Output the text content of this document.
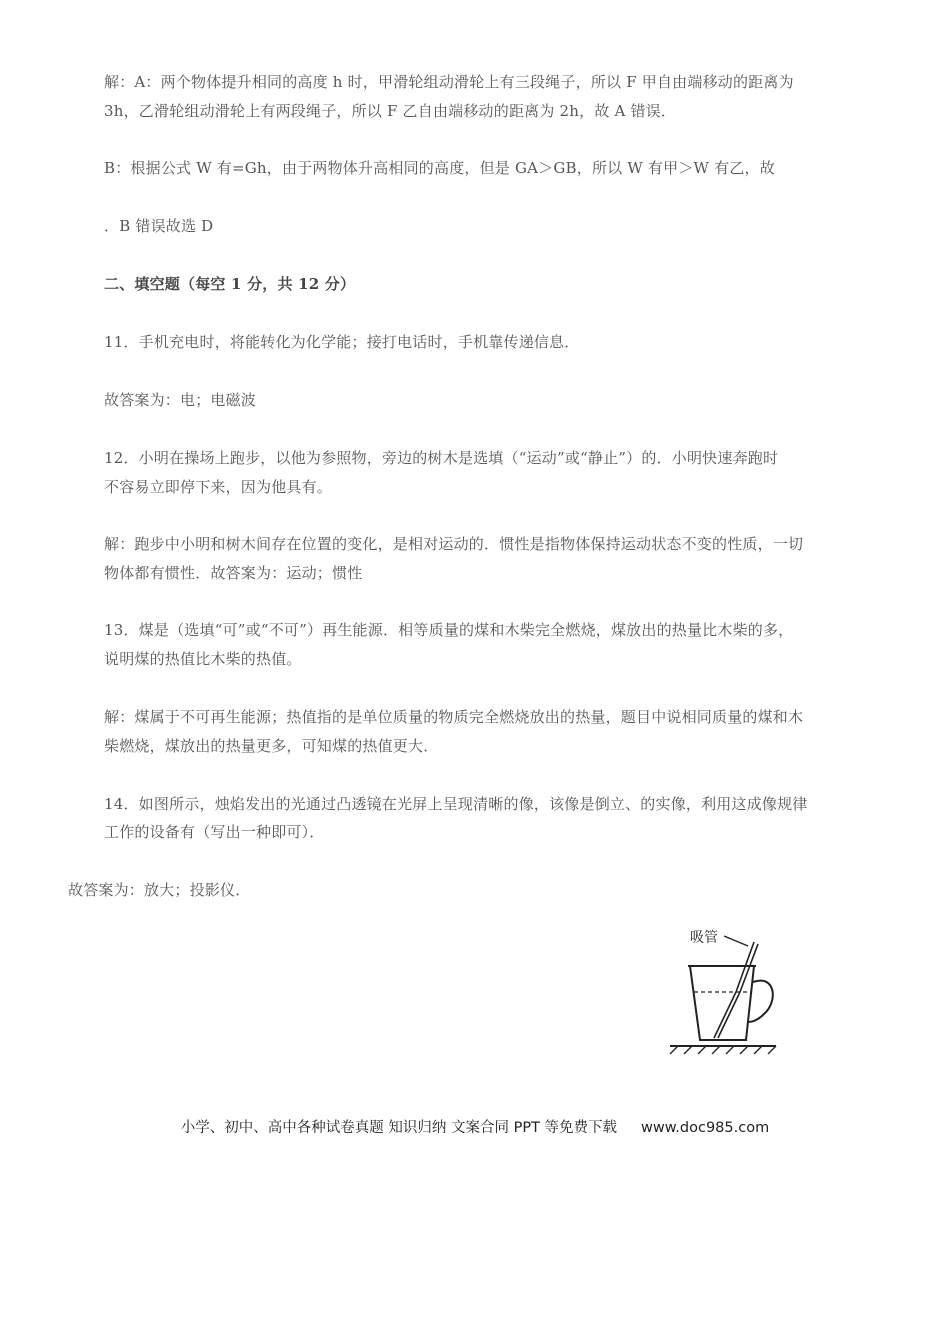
解：A：两个物体提升相同的高度 h 时，甲滑轮组动滑轮上有三段绳子，所以 F 甲自由端移动的距离为
3h，乙滑轮组动滑轮上有两段绳子，所以 F 乙自由端移动的距离为 2h，故 A 错误．
B：根据公式 W 有=Gh，由于两物体升高相同的高度，但是 GA＞GB，所以 W 有甲＞W 有乙，故
．B 错误故选 D
二、填空题（每空 1 分，共 12 分）
11．手机充电时，将能转化为化学能；接打电话时，手机靠传递信息．
故答案为：电；电磁波
12．小明在操场上跑步，以他为参照物，旁边的树木是选填（“运动”或“静止”）的．小明快速奔跑时
不容易立即停下来，因为他具有。
解：跑步中小明和树木间存在位置的变化，是相对运动的．惯性是指物体保持运动状态不变的性质，一切
物体都有惯性．故答案为：运动；惯性
13．煤是（选填“可”或“不可”）再生能源．相等质量的煤和木柴完全燃烧，煤放出的热量比木柴的多，
说明煤的热值比木柴的热值。
解：煤属于不可再生能源；热值指的是单位质量的物质完全燃烧放出的热量，题目中说相同质量的煤和木
柴燃烧，煤放出的热量更多，可知煤的热值更大．
14．如图所示，烛焰发出的光通过凸透镜在光屏上呈现清晰的像，该像是倒立、的实像，利用这成像规律
工作的设备有（写出一种即可）．
故答案为：放大；投影仪．
吸管
小学、初中、高中各种试卷真题 知识归纳 文案合同 PPT 等免费下载 www.doc985.com
